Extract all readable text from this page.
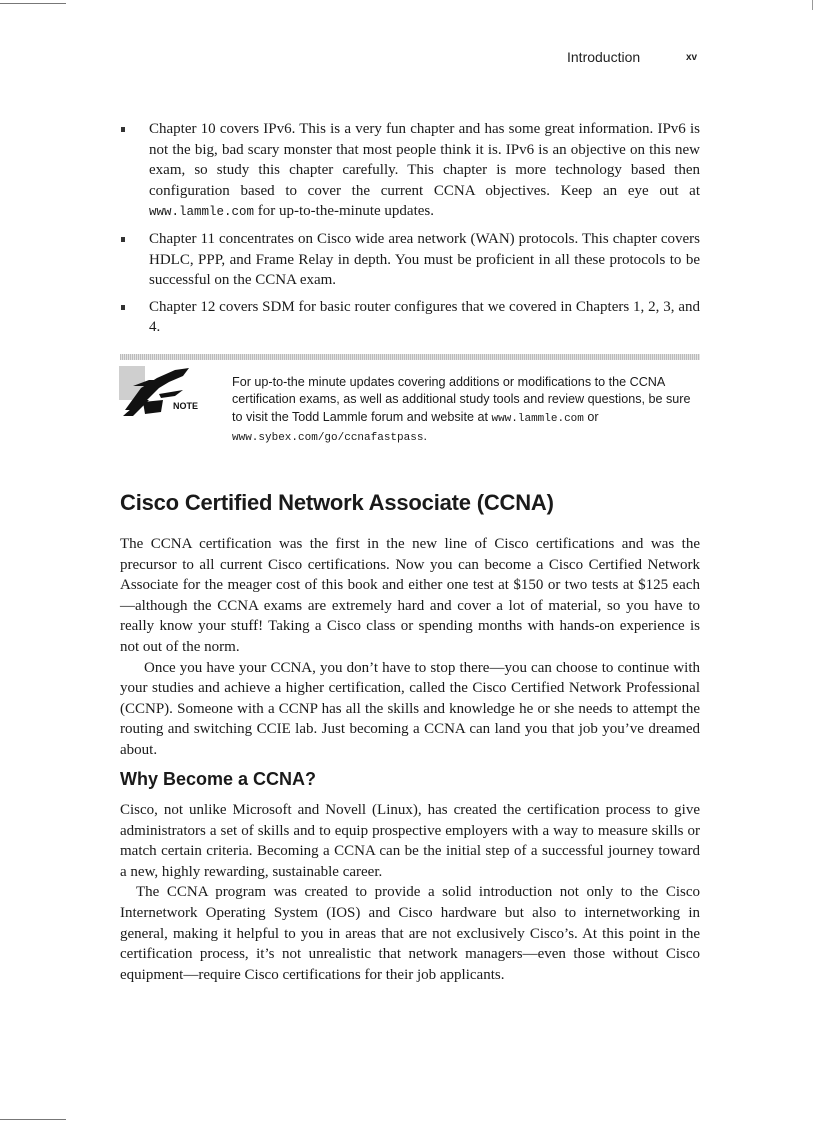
Introduction	xv
Chapter 10 covers IPv6. This is a very fun chapter and has some great information. IPv6 is not the big, bad scary monster that most people think it is. IPv6 is an objective on this new exam, so study this chapter carefully. This chapter is more technology based then configuration based to cover the current CCNA objectives. Keep an eye out at www.lammle.com for up-to-the-minute updates.
Chapter 11 concentrates on Cisco wide area network (WAN) protocols. This chapter covers HDLC, PPP, and Frame Relay in depth. You must be proficient in all these protocols to be successful on the CCNA exam.
Chapter 12 covers SDM for basic router configures that we covered in Chapters 1, 2, 3, and 4.
NOTE
For up-to-the minute updates covering additions or modifications to the CCNA certification exams, as well as additional study tools and review questions, be sure to visit the Todd Lammle forum and website at www.lammle.com or www.sybex.com/go/ccnafastpass.
Cisco Certified Network Associate (CCNA)

The CCNA certification was the first in the new line of Cisco certifications and was the precursor to all current Cisco certifications. Now you can become a Cisco Certified Network Associate for the meager cost of this book and either one test at $150 or two tests at $125 each—although the CCNA exams are extremely hard and cover a lot of material, so you have to really know your stuff! Taking a Cisco class or spending months with hands-on experience is not out of the norm.

Once you have your CCNA, you don’t have to stop there—you can choose to continue with your studies and achieve a higher certification, called the Cisco Certified Network Professional (CCNP). Someone with a CCNP has all the skills and knowledge he or she needs to attempt the routing and switching CCIE lab. Just becoming a CCNA can land you that job you’ve dreamed about.

Why Become a CCNA?

Cisco, not unlike Microsoft and Novell (Linux), has created the certification process to give administrators a set of skills and to equip prospective employers with a way to measure skills or match certain criteria. Becoming a CCNA can be the initial step of a successful journey toward a new, highly rewarding, sustainable career.

The CCNA program was created to provide a solid introduction not only to the Cisco Internetwork Operating System (IOS) and Cisco hardware but also to internetworking in general, making it helpful to you in areas that are not exclusively Cisco’s. At this point in the certification process, it’s not unrealistic that network managers—even those without Cisco equipment—require Cisco certifications for their job applicants.
